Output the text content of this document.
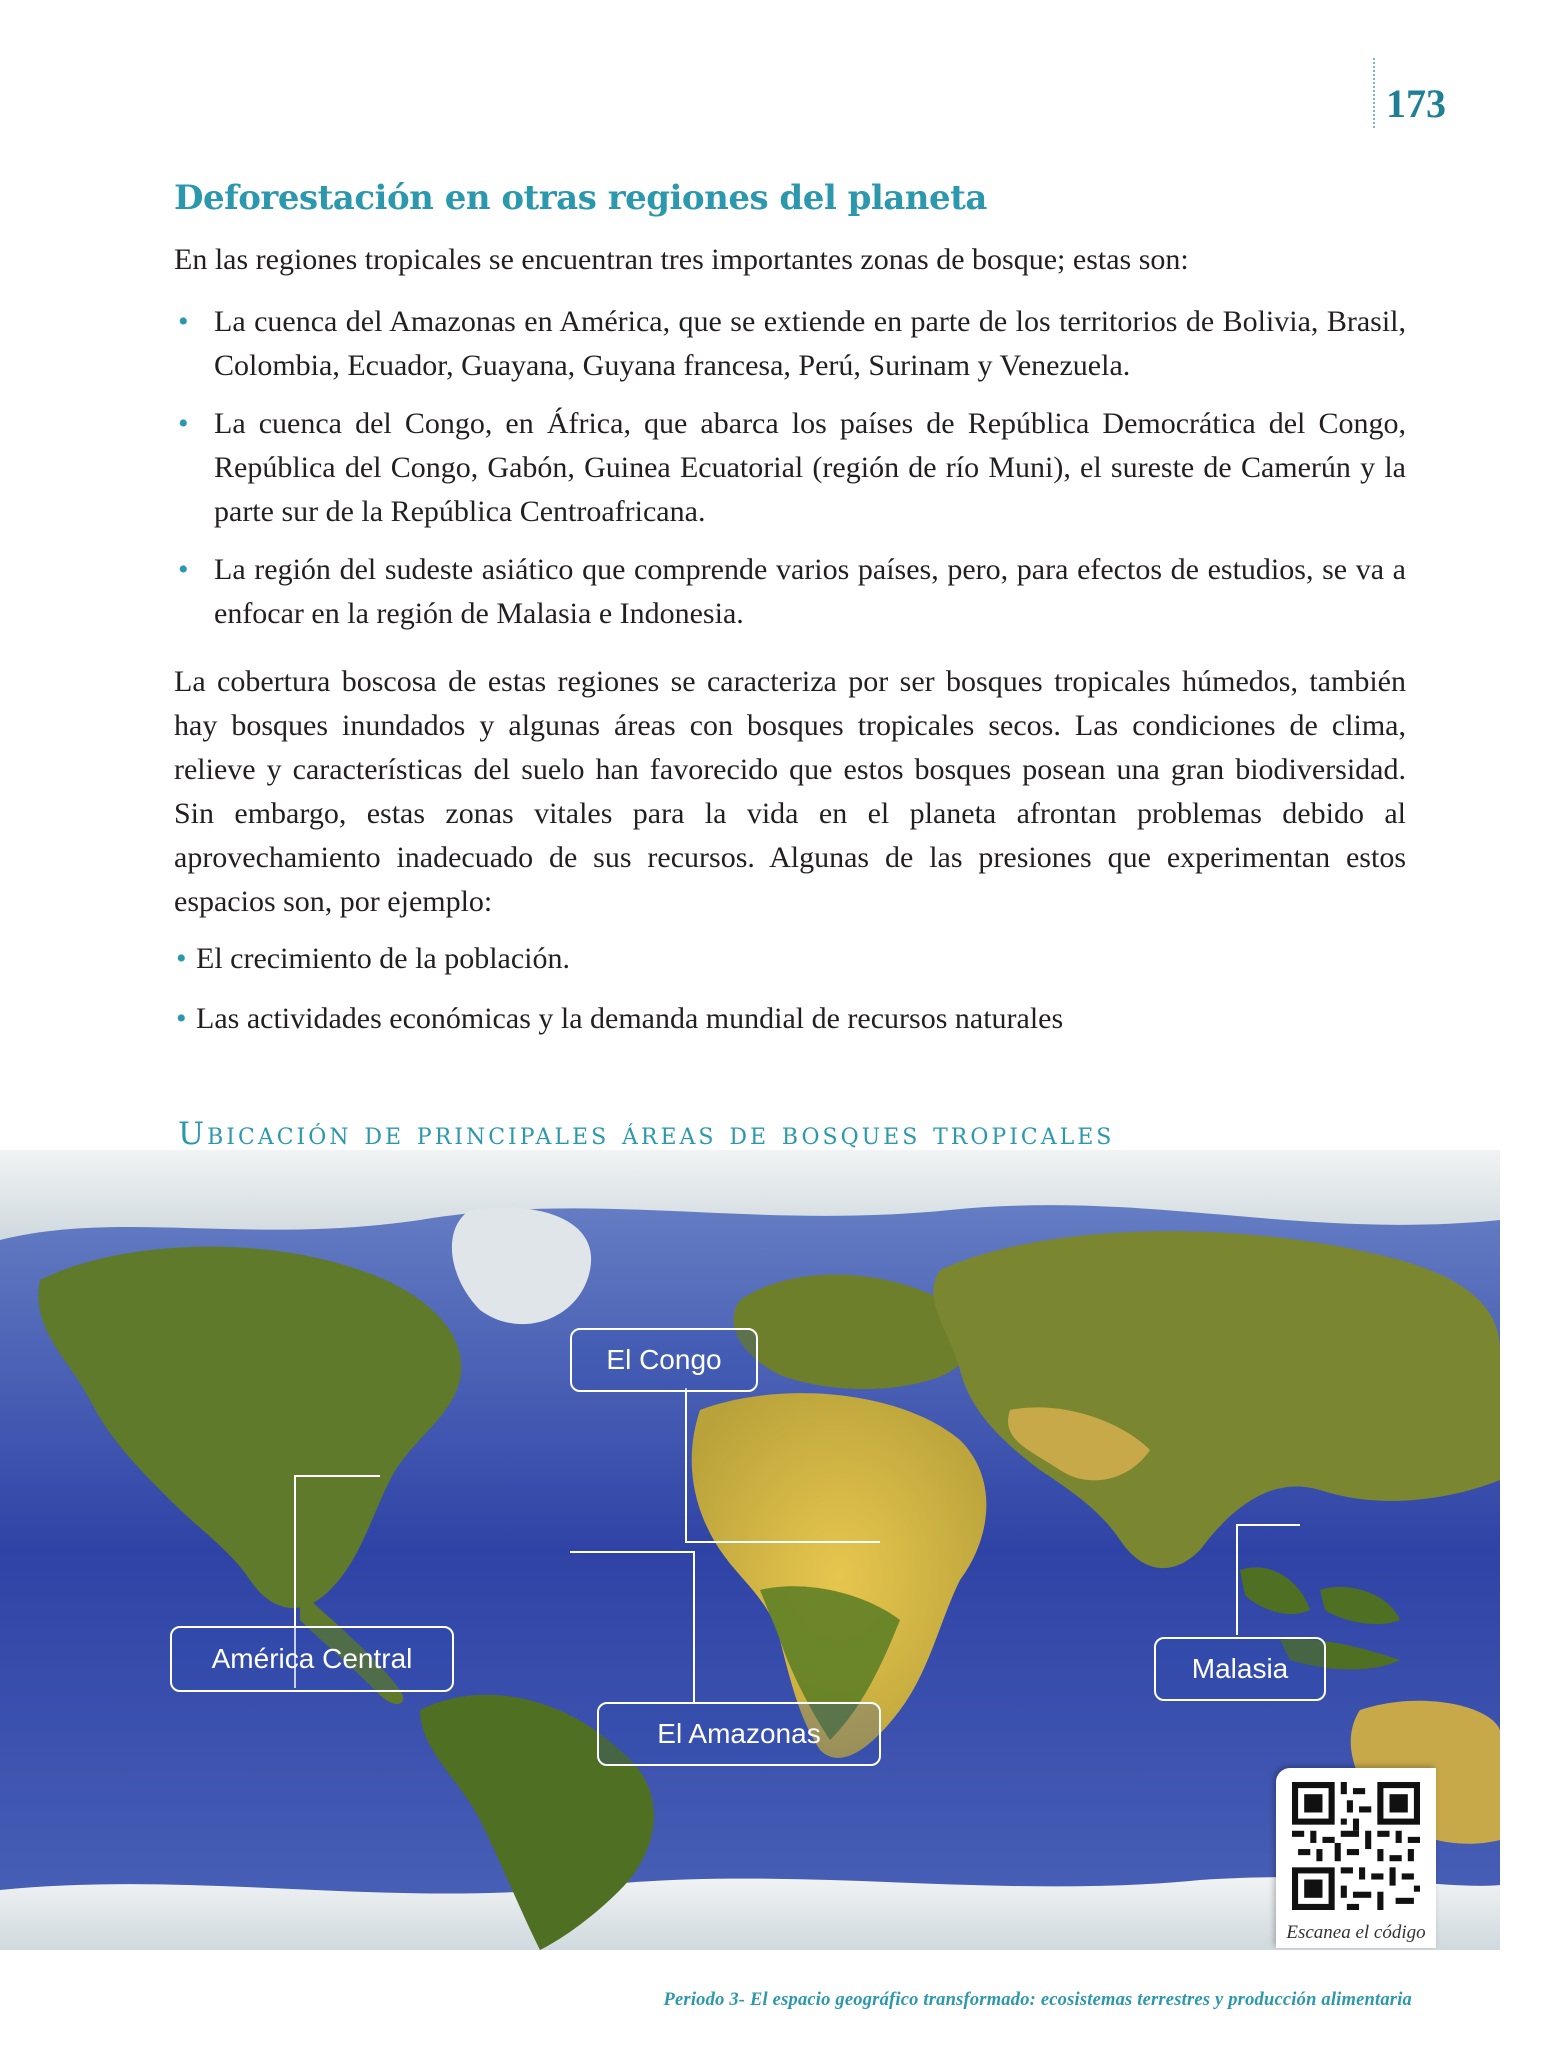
173
Deforestación en otras regiones del planeta

En las regiones tropicales se encuentran tres importantes zonas de bosque; estas son:

• La cuenca del Amazonas en América, que se extiende en parte de los territorios de Bolivia, Brasil, Colombia, Ecuador, Guayana, Guyana francesa, Perú, Surinam y Venezuela.
• La cuenca del Congo, en África, que abarca los países de República Democrática del Congo, República del Congo, Gabón, Guinea Ecuatorial (región de río Muni), el sureste de Camerún y la parte sur de la República Centroafricana.
• La región del sudeste asiático que comprende varios países, pero, para efectos de estudios, se va a enfocar en la región de Malasia e Indonesia.

La cobertura boscosa de estas regiones se caracteriza por ser bosques tropicales húmedos, también hay bosques inundados y algunas áreas con bosques tropicales secos. Las condiciones de clima, relieve y características del suelo han favorecido que estos bosques posean una gran biodiversidad. Sin embargo, estas zonas vitales para la vida en el planeta afrontan problemas debido al aprovechamiento inadecuado de sus recursos. Algunas de las presiones que experimentan estos espacios son, por ejemplo:

• El crecimiento de la población.
• Las actividades económicas y la demanda mundial de recursos naturales
Ubicación de principales áreas de bosques tropicales
El Congo
América Central
El Amazonas
Malasia
Escanea el código
Periodo 3- El espacio geográfico transformado: ecosistemas terrestres y producción alimentaria
